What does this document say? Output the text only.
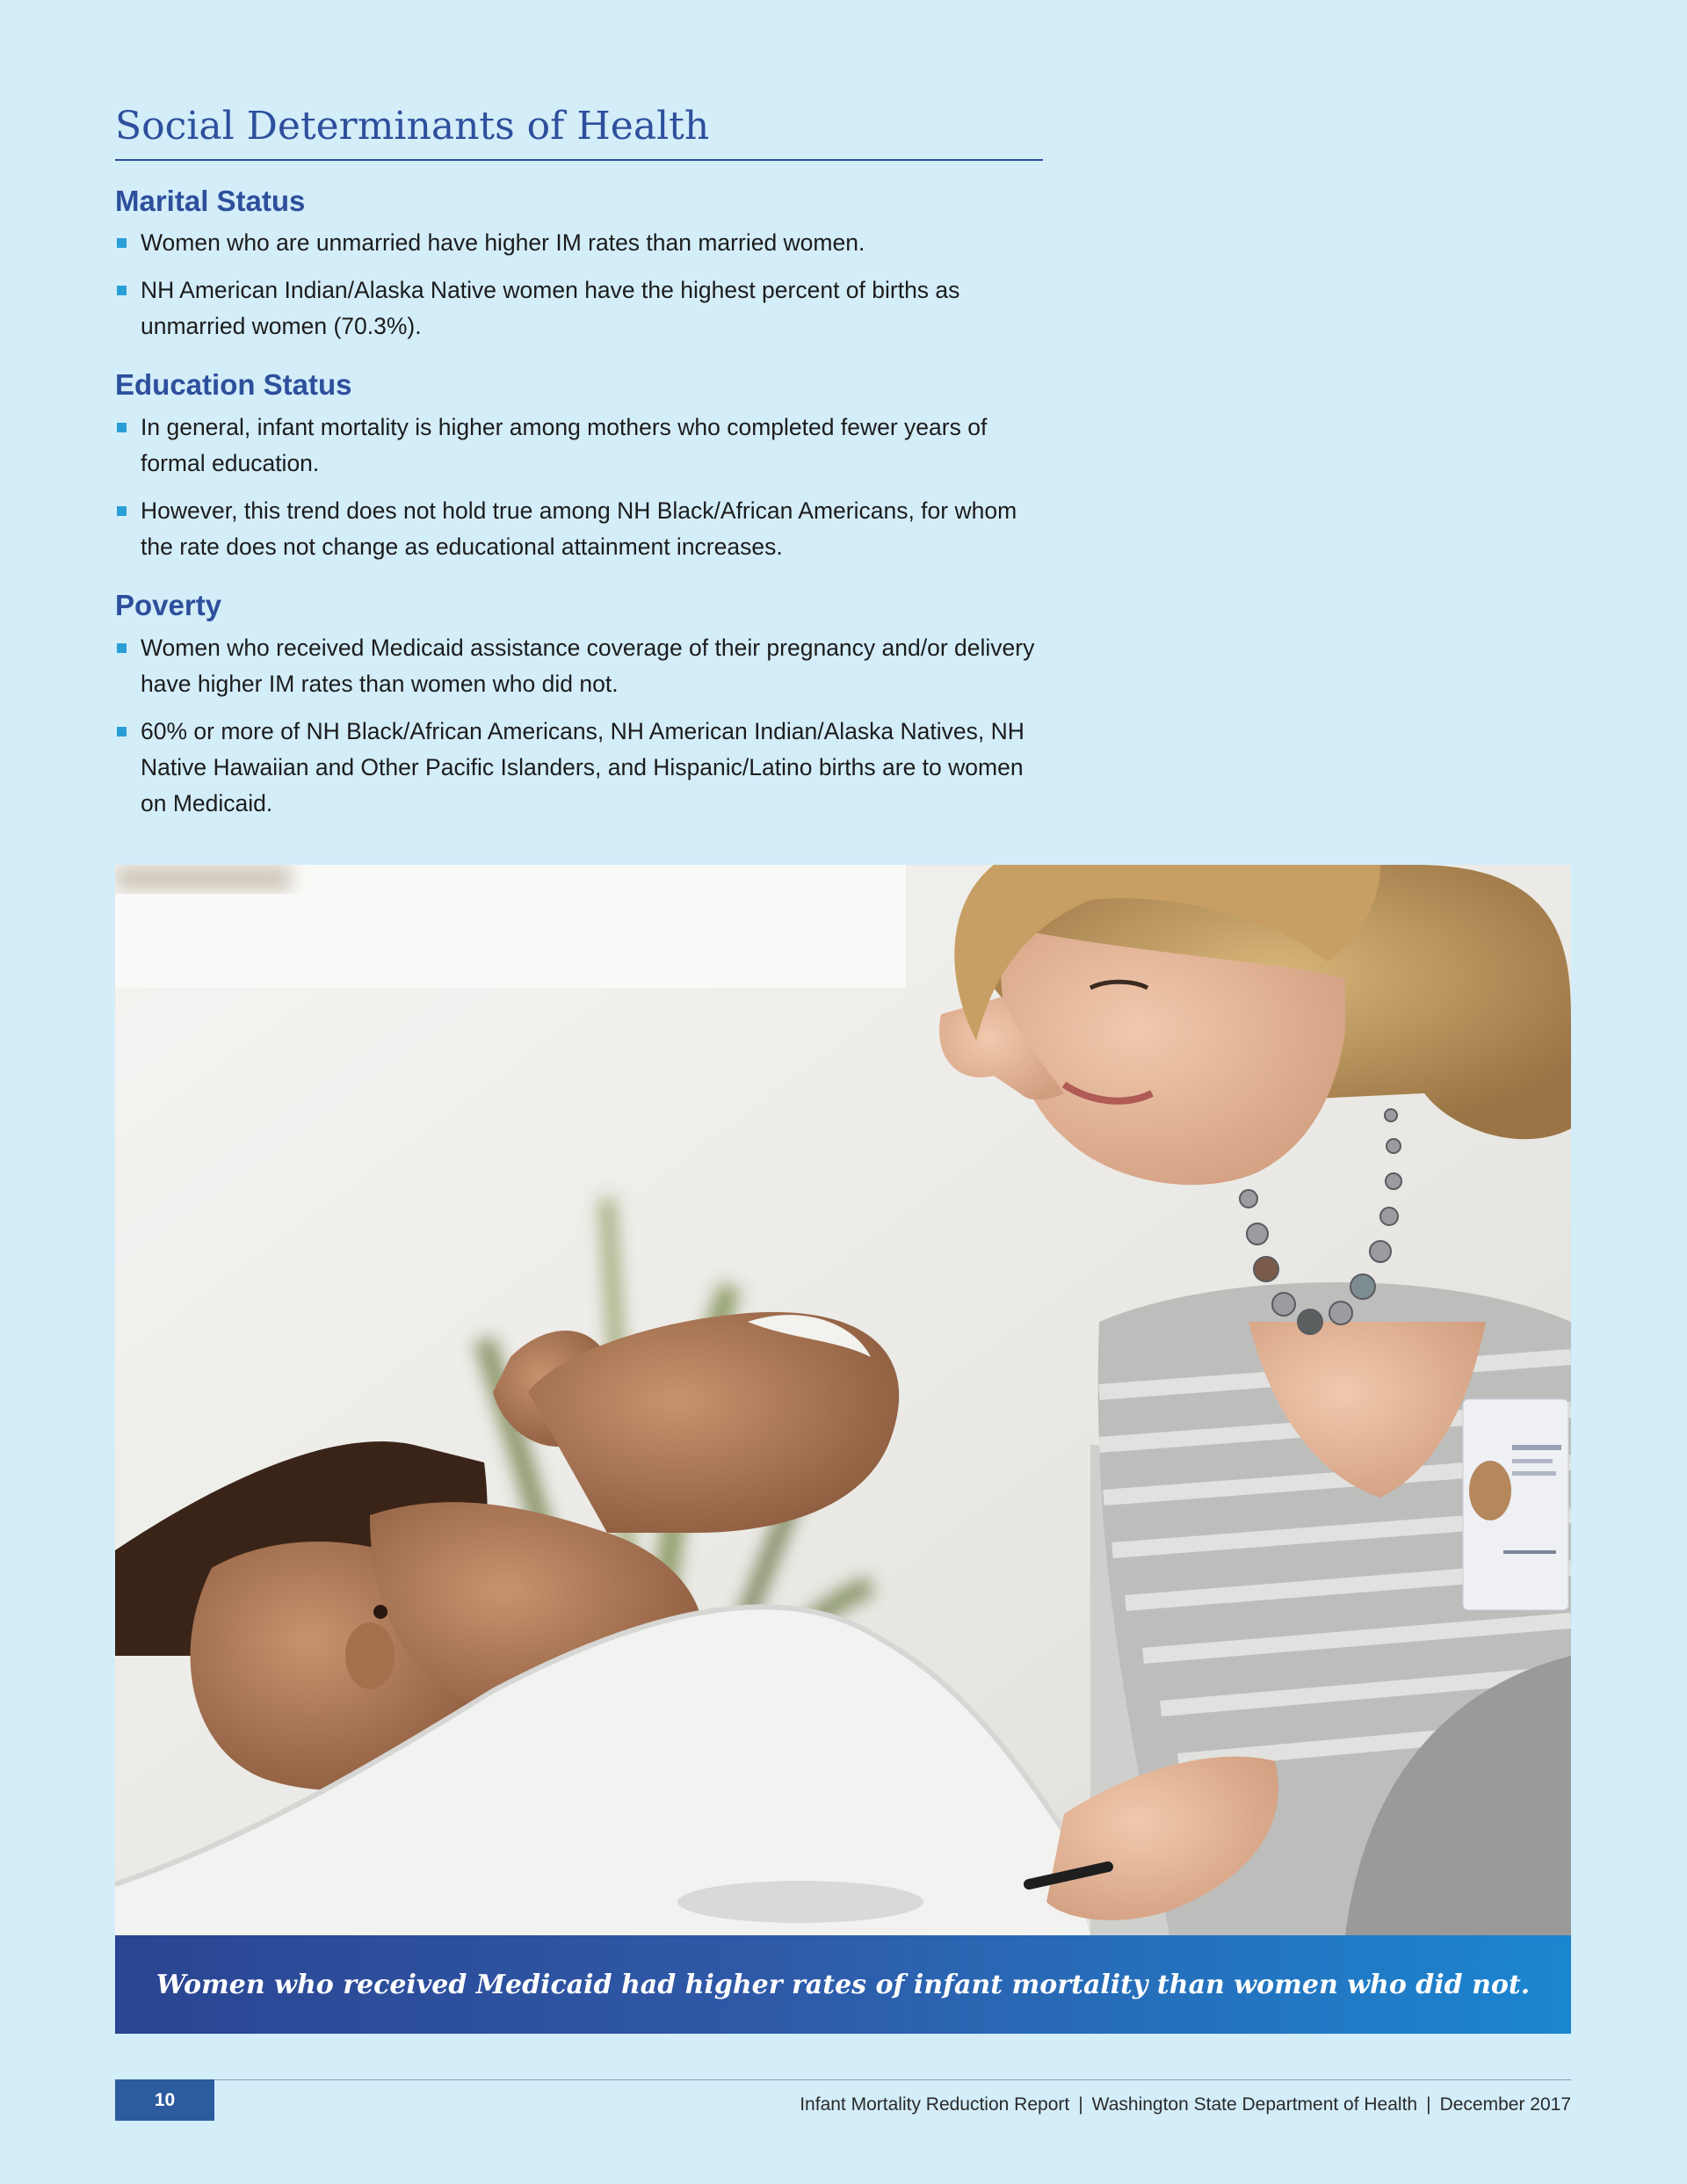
Social Determinants of Health
Marital Status
Women who are unmarried have higher IM rates than married women.
NH American Indian/Alaska Native women have the highest percent of births as unmarried women (70.3%).
Education Status
In general, infant mortality is higher among mothers who completed fewer years of formal education.
However, this trend does not hold true among NH Black/African Americans, for whom the rate does not change as educational attainment increases.
Poverty
Women who received Medicaid assistance coverage of their pregnancy and/or delivery have higher IM rates than women who did not.
60% or more of NH Black/African Americans, NH American Indian/Alaska Natives, NH Native Hawaiian and Other Pacific Islanders, and Hispanic/Latino births are to women on Medicaid.
Women who received Medicaid had higher rates of infant mortality than women who did not.
10	Infant Mortality Reduction Report | Washington State Department of Health | December 2017
